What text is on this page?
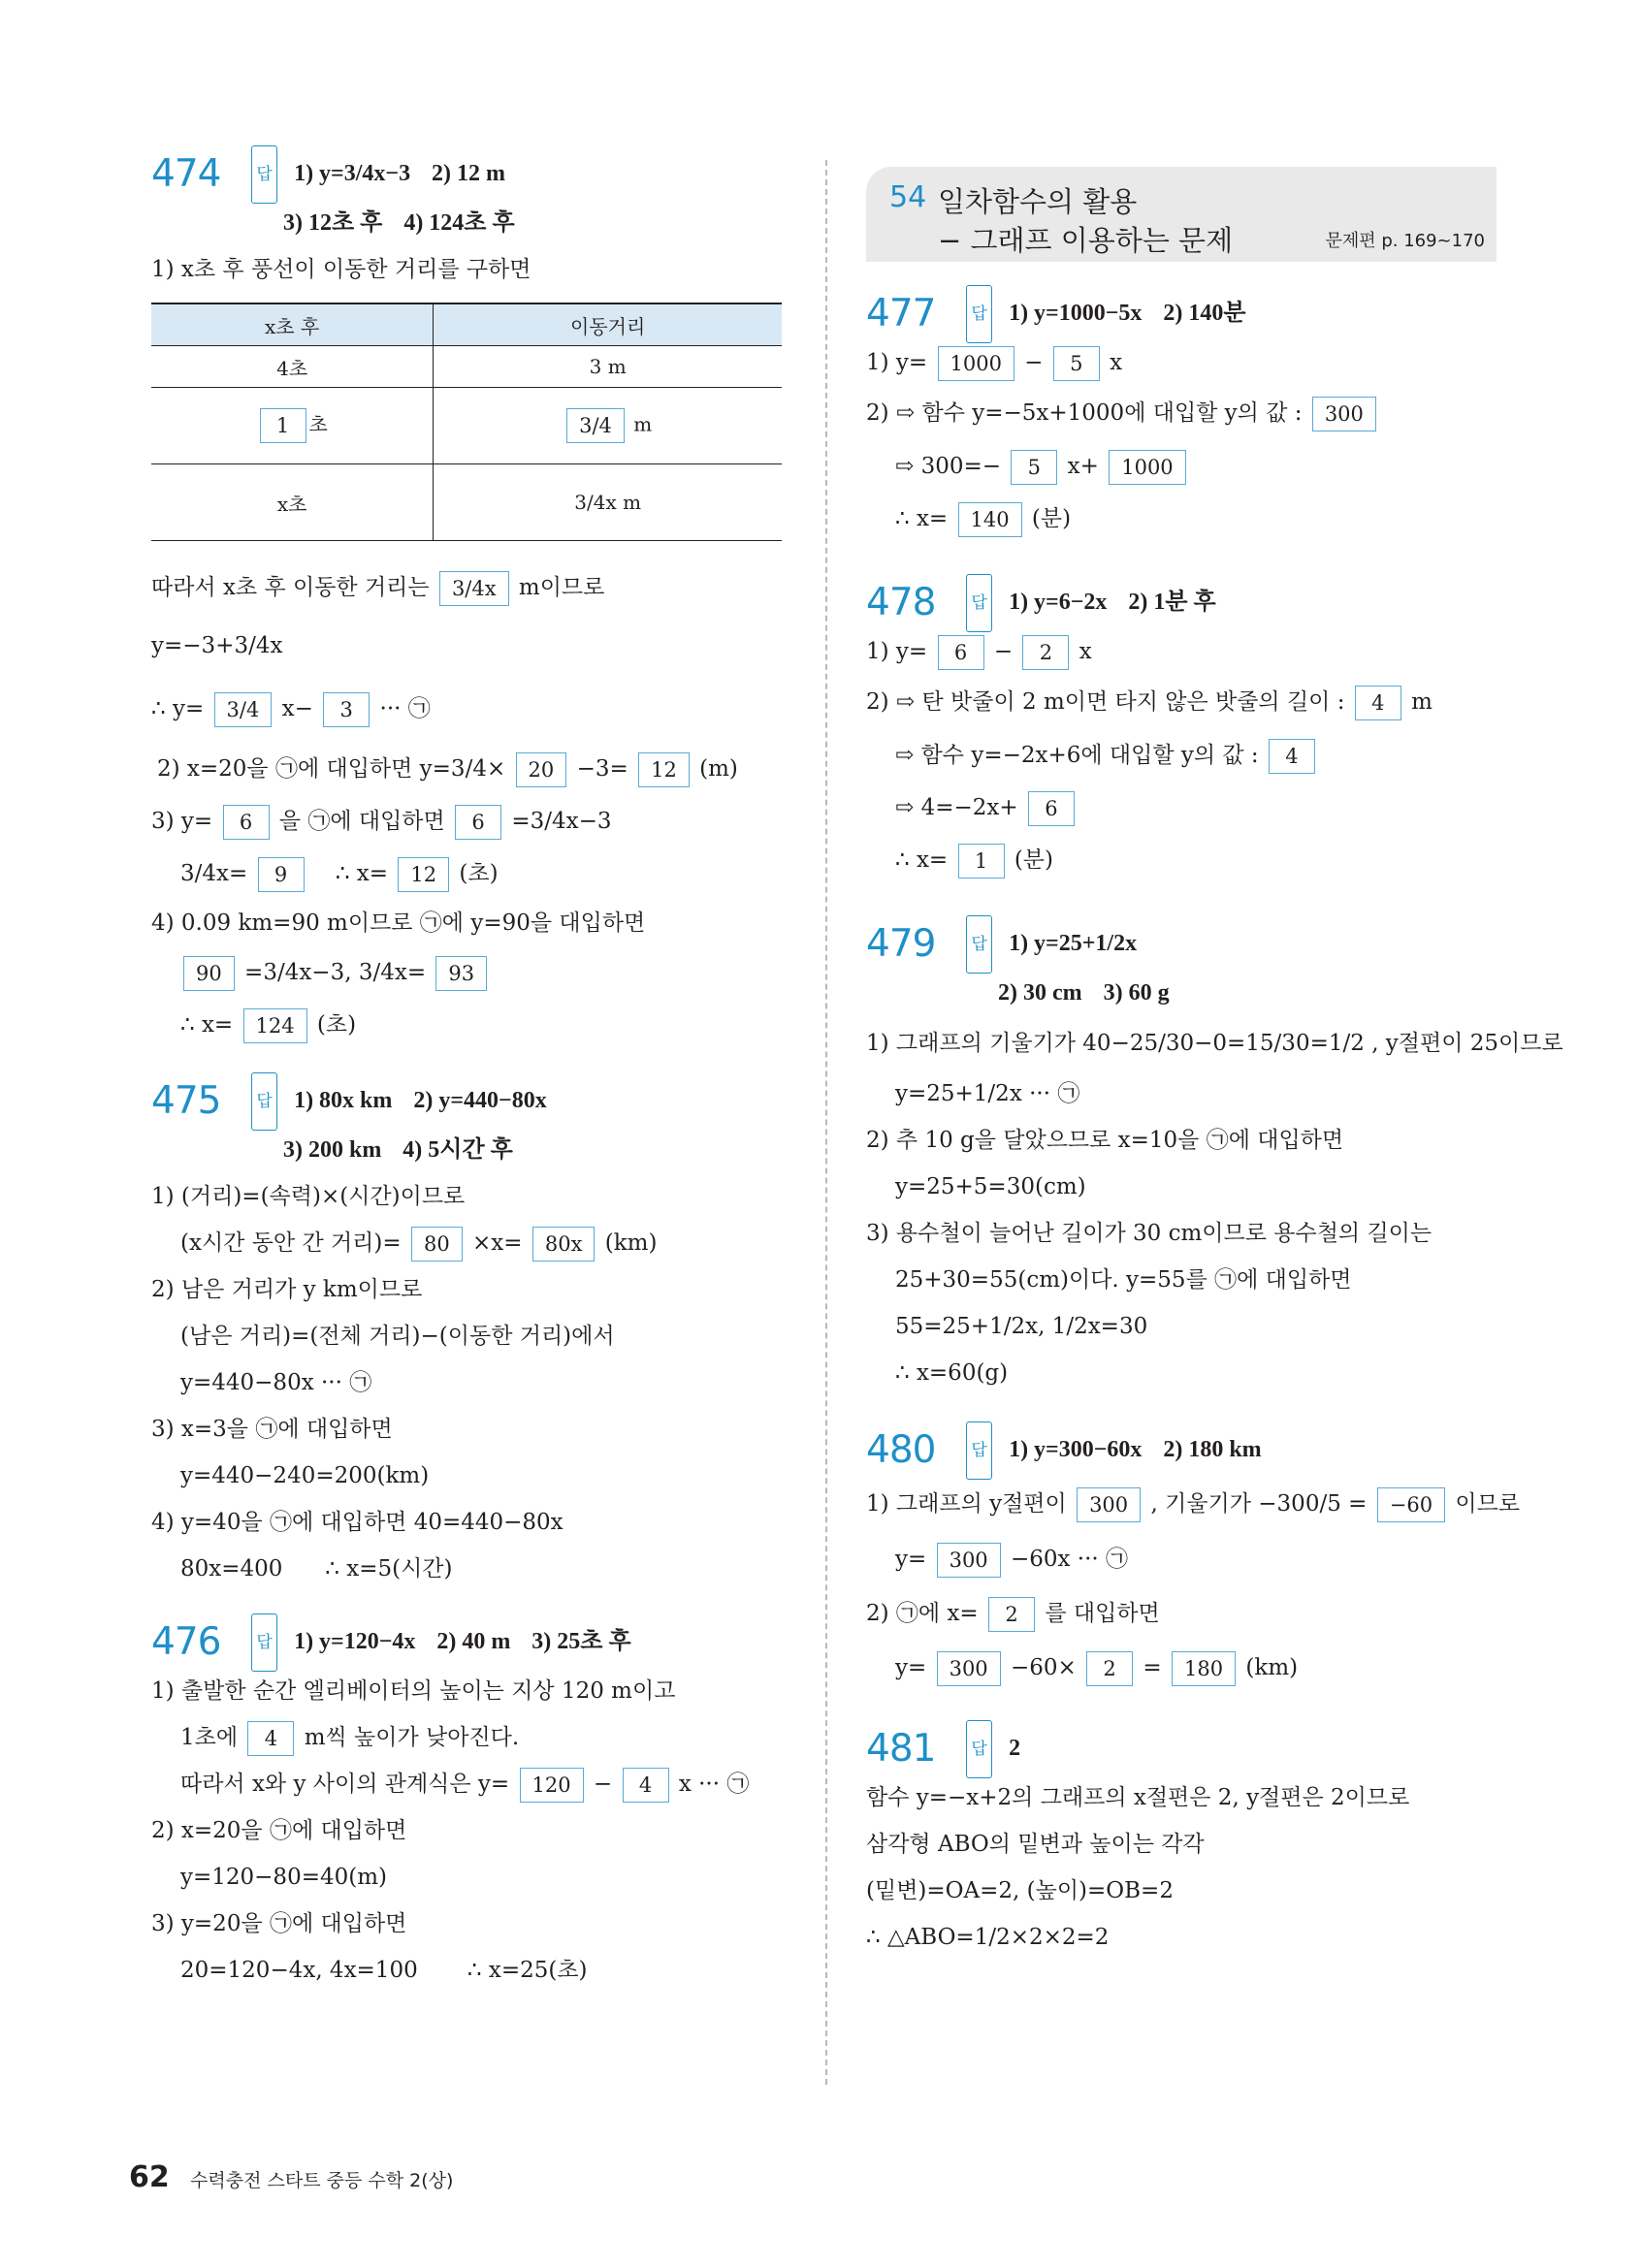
474 답 1) y=3/4x−3 2) 12 m
3) 12초 후 4) 124초 후
1) x초 후 풍선이 이동한 거리를 구하면
x초 후	이동거리
4초	3 m
1 초	3/4 m
x초	3/4x m
따라서 x초 후 이동한 거리는 3/4x m이므로
y=−3+3/4x
∴ y= 3/4 x− 3 ··· ㉠
2) x=20을 ㉠에 대입하면 y=3/4× 20 −3= 12 (m)
3) y= 6 을 ㉠에 대입하면 6 =3/4x−3
3/4x= 9 ∴ x= 12 (초)
4) 0.09 km=90 m이므로 ㉠에 y=90을 대입하면
90 =3/4x−3, 3/4x= 93
∴ x= 124 (초)
475 답 1) 80x km 2) y=440−80x
3) 200 km 4) 5시간 후
1) (거리)=(속력)×(시간)이므로
(x시간 동안 간 거리)= 80 ×x= 80x (km)
2) 남은 거리가 y km이므로
(남은 거리)=(전체 거리)−(이동한 거리)에서
y=440−80x ··· ㉠
3) x=3을 ㉠에 대입하면
y=440−240=200(km)
4) y=40을 ㉠에 대입하면 40=440−80x
80x=400 ∴ x=5(시간)
476 답 1) y=120−4x 2) 40 m 3) 25초 후
1) 출발한 순간 엘리베이터의 높이는 지상 120 m이고
1초에 4 m씩 높이가 낮아진다.
따라서 x와 y 사이의 관계식은 y= 120 − 4 x ··· ㉠
2) x=20을 ㉠에 대입하면
y=120−80=40(m)
3) y=20을 ㉠에 대입하면
20=120−4x, 4x=100 ∴ x=25(초)
54 일차함수의 활용
− 그래프 이용하는 문제	문제편 p. 169~170
477 답 1) y=1000−5x 2) 140분
1) y= 1000 − 5 x
2) ⇨ 함수 y=−5x+1000에 대입할 y의 값 : 300
⇨ 300=− 5 x+ 1000
∴ x= 140 (분)
478 답 1) y=6−2x 2) 1분 후
1) y= 6 − 2 x
2) ⇨ 탄 밧줄이 2 m이면 타지 않은 밧줄의 길이 : 4 m
⇨ 함수 y=−2x+6에 대입할 y의 값 : 4
⇨ 4=−2x+ 6
∴ x= 1 (분)
479 답 1) y=25+1/2x
2) 30 cm 3) 60 g
1) 그래프의 기울기가 40−25/30−0=15/30=1/2 , y절편이 25이므로
y=25+1/2x ··· ㉠
2) 추 10 g을 달았으므로 x=10을 ㉠에 대입하면
y=25+5=30(cm)
3) 용수철이 늘어난 길이가 30 cm이므로 용수철의 길이는
25+30=55(cm)이다. y=55를 ㉠에 대입하면
55=25+1/2x, 1/2x=30
∴ x=60(g)
480 답 1) y=300−60x 2) 180 km
1) 그래프의 y절편이 300 , 기울기가 −300/5 = −60 이므로
y= 300 −60x ··· ㉠
2) ㉠에 x= 2 를 대입하면
y= 300 −60× 2 = 180 (km)
481 답 2
함수 y=−x+2의 그래프의 x절편은 2, y절편은 2이므로
삼각형 ABO의 밑변과 높이는 각각
(밑변)=OA=2, (높이)=OB=2
∴ △ABO=1/2×2×2=2
62 수력충전 스타트 중등 수학 2(상)
